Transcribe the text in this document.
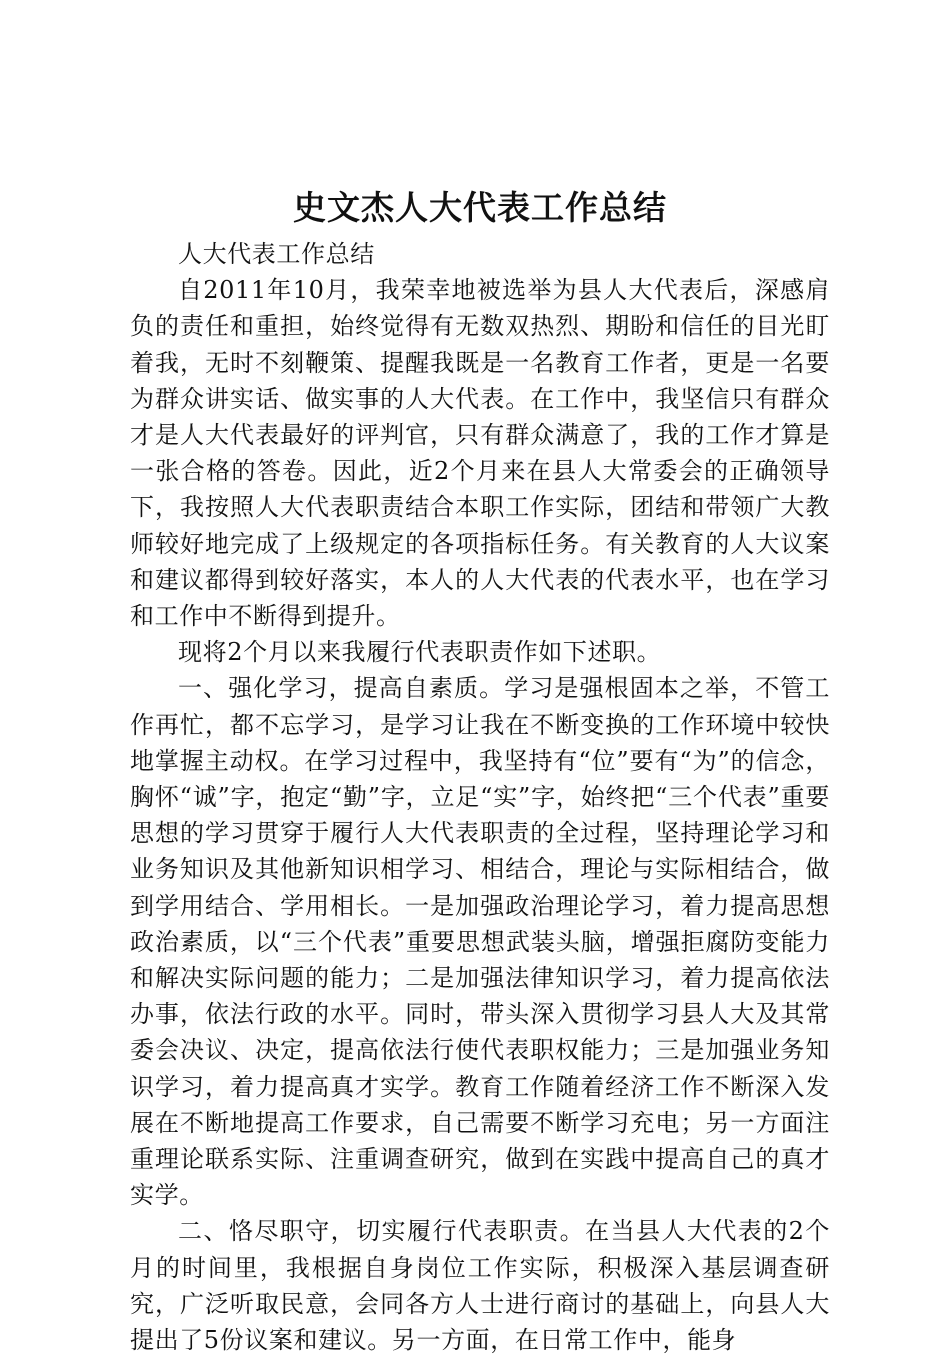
史文杰人大代表工作总结

人大代表工作总结

自2011年10月，我荣幸地被选举为县人大代表后，深感肩负的责任和重担，始终觉得有无数双热烈、期盼和信任的目光盯着我，无时不刻鞭策、提醒我既是一名教育工作者，更是一名要为群众讲实话、做实事的人大代表。在工作中，我坚信只有群众才是人大代表最好的评判官，只有群众满意了，我的工作才算是一张合格的答卷。因此，近2个月来在县人大常委会的正确领导下，我按照人大代表职责结合本职工作实际，团结和带领广大教师较好地完成了上级规定的各项指标任务。有关教育的人大议案和建议都得到较好落实，本人的人大代表的代表水平，也在学习和工作中不断得到提升。

现将2个月以来我履行代表职责作如下述职。

一、强化学习，提高自素质。学习是强根固本之举，不管工作再忙，都不忘学习，是学习让我在不断变换的工作环境中较快地掌握主动权。在学习过程中，我坚持有“位”要有“为”的信念，胸怀“诚”字，抱定“勤”字，立足“实”字，始终把“三个代表”重要思想的学习贯穿于履行人大代表职责的全过程，坚持理论学习和业务知识及其他新知识相学习、相结合，理论与实际相结合，做到学用结合、学用相长。一是加强政治理论学习，着力提高思想政治素质，以“三个代表”重要思想武装头脑，增强拒腐防变能力和解决实际问题的能力；二是加强法律知识学习，着力提高依法办事，依法行政的水平。同时，带头深入贯彻学习县人大及其常委会决议、决定，提高依法行使代表职权能力；三是加强业务知识学习，着力提高真才实学。教育工作随着经济工作不断深入发展在不断地提高工作要求，自己需要不断学习充电；另一方面注重理论联系实际、注重调查研究，做到在实践中提高自己的真才实学。

二、恪尽职守，切实履行代表职责。在当县人大代表的2个月的时间里，我根据自身岗位工作实际，积极深入基层调查研究，广泛听取民意，会同各方人士进行商讨的基础上，向县人大提出了5份议案和建议。另一方面，在日常工作中，能身
